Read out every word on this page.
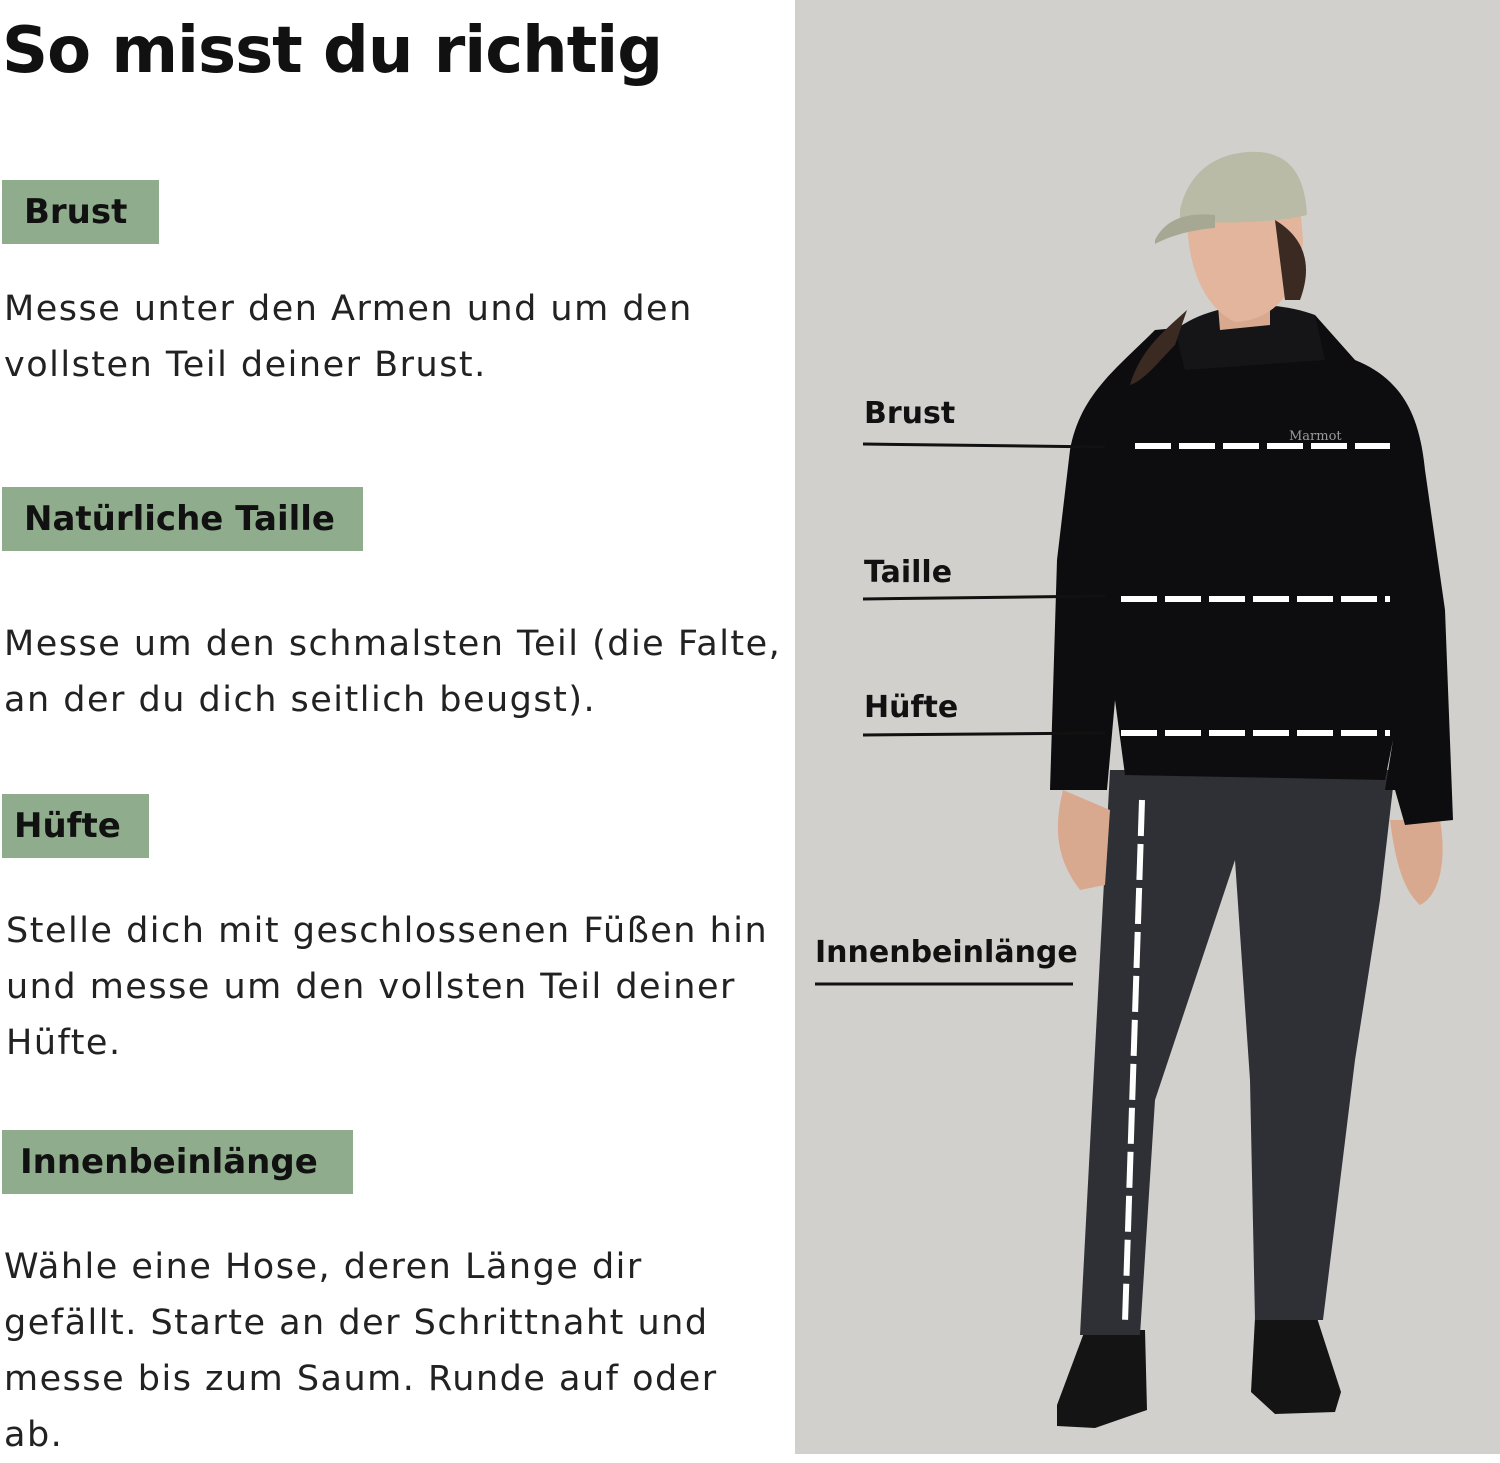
So misst du richtig
Brust

Messe unter den Armen und um den vollsten Teil deiner Brust.

Natürliche Taille

Messe um den schmalsten Teil (die Falte, an der du dich seitlich beugst).

Hüfte

Stelle dich mit geschlossenen Füßen hin und messe um den vollsten Teil deiner Hüfte.

Innenbeinlänge

Wähle eine Hose, deren Länge dir gefällt. Starte an der Schrittnaht und messe bis zum Saum. Runde auf oder ab.

Marmot
Brust
Taille
Hüfte
Innenbeinlänge
